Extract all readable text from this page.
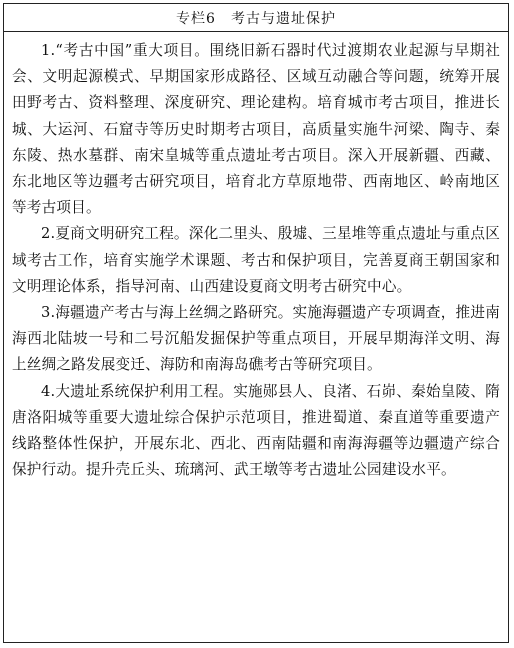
专栏6　考古与遗址保护

1.“考古中国”重大项目。围绕旧新石器时代过渡期农业起源与早期社会、文明起源模式、早期国家形成路径、区域互动融合等问题，统筹开展田野考古、资料整理、深度研究、理论建构。培育城市考古项目，推进长城、大运河、石窟寺等历史时期考古项目，高质量实施牛河梁、陶寺、秦东陵、热水墓群、南宋皇城等重点遗址考古项目。深入开展新疆、西藏、东北地区等边疆考古研究项目，培育北方草原地带、西南地区、岭南地区等考古项目。

2.夏商文明研究工程。深化二里头、殷墟、三星堆等重点遗址与重点区域考古工作，培育实施学术课题、考古和保护项目，完善夏商王朝国家和文明理论体系，指导河南、山西建设夏商文明考古研究中心。

3.海疆遗产考古与海上丝绸之路研究。实施海疆遗产专项调查，推进南海西北陆坡一号和二号沉船发掘保护等重点项目，开展早期海洋文明、海上丝绸之路发展变迁、海防和南海岛礁考古等研究项目。

4.大遗址系统保护利用工程。实施郧县人、良渚、石峁、秦始皇陵、隋唐洛阳城等重要大遗址综合保护示范项目，推进蜀道、秦直道等重要遗产线路整体性保护，开展东北、西北、西南陆疆和南海海疆等边疆遗产综合保护行动。提升壳丘头、琉璃河、武王墩等考古遗址公园建设水平。
